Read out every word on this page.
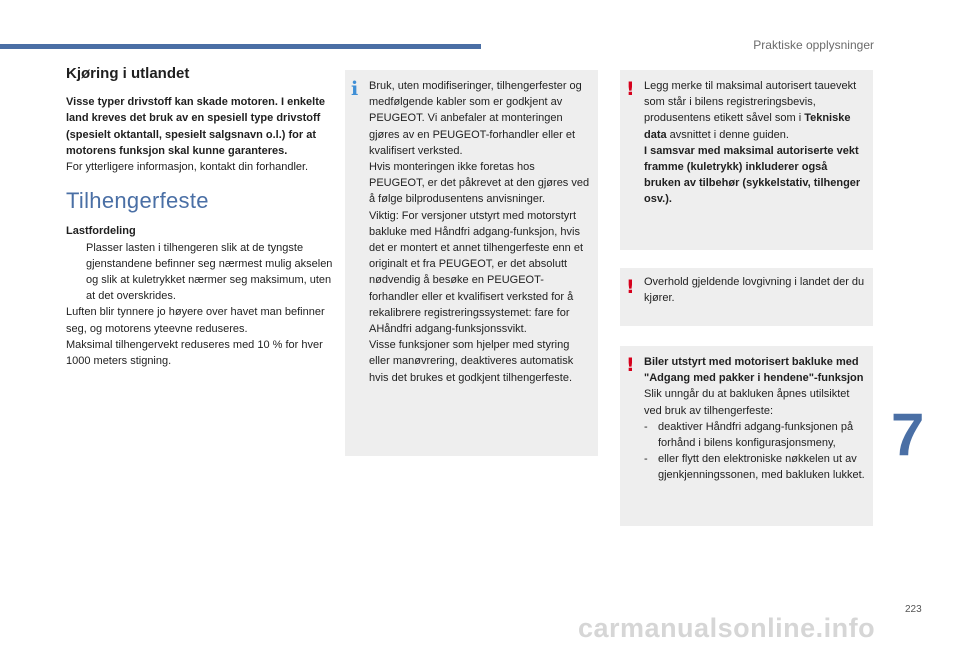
Praktiske opplysninger
Kjøring i utlandet
Visse typer drivstoff kan skade motoren. I enkelte land kreves det bruk av en spesiell type drivstoff (spesielt oktantall, spesielt salgsnavn o.l.) for at motorens funksjon skal kunne garanteres.
For ytterligere informasjon, kontakt din forhandler.
Tilhengerfeste
Lastfordeling
Plasser lasten i tilhengeren slik at de tyngste gjenstandene befinner seg nærmest mulig akselen og slik at kuletrykket nærmer seg maksimum, uten at det overskrides.
Luften blir tynnere jo høyere over havet man befinner seg, og motorens yteevne reduseres.
Maksimal tilhengervekt reduseres med 10 % for hver 1000 meters stigning.
i Bruk, uten modifiseringer, tilhengerfester og medfølgende kabler som er godkjent av PEUGEOT. Vi anbefaler at monteringen gjøres av en PEUGEOT-forhandler eller et kvalifisert verksted.
Hvis monteringen ikke foretas hos PEUGEOT, er det påkrevet at den gjøres ved å følge bilprodusentens anvisninger.
Viktig: For versjoner utstyrt med motorstyrt bakluke med Håndfri adgang-funksjon, hvis det er montert et annet tilhengerfeste enn et originalt et fra PEUGEOT, er det absolutt nødvendig å besøke en PEUGEOT-forhandler eller et kvalifisert verksted for å rekalibrere registreringssystemet: fare for AHåndfri adgang-funksjonssvikt.
Visse funksjoner som hjelper med styring eller manøvrering, deaktiveres automatisk hvis det brukes et godkjent tilhengerfeste.
! Legg merke til maksimal autorisert tauevekt som står i bilens registreringsbevis, produsentens etikett såvel som i Tekniske data avsnittet i denne guiden.
I samsvar med maksimal autoriserte vekt framme (kuletrykk) inkluderer også bruken av tilbehør (sykkelstativ, tilhenger osv.).
! Overhold gjeldende lovgivning i landet der du kjører.
! Biler utstyrt med motorisert bakluke med "Adgang med pakker i hendene"-funksjon
Slik unngår du at bakluken åpnes utilsiktet ved bruk av tilhengerfeste:
- deaktiver Håndfri adgang-funksjonen på forhånd i bilens konfigurasjonsmeny,
- eller flytt den elektroniske nøkkelen ut av gjenkjenningssonen, med bakluken lukket.
7
223
carmanualsonline.info
